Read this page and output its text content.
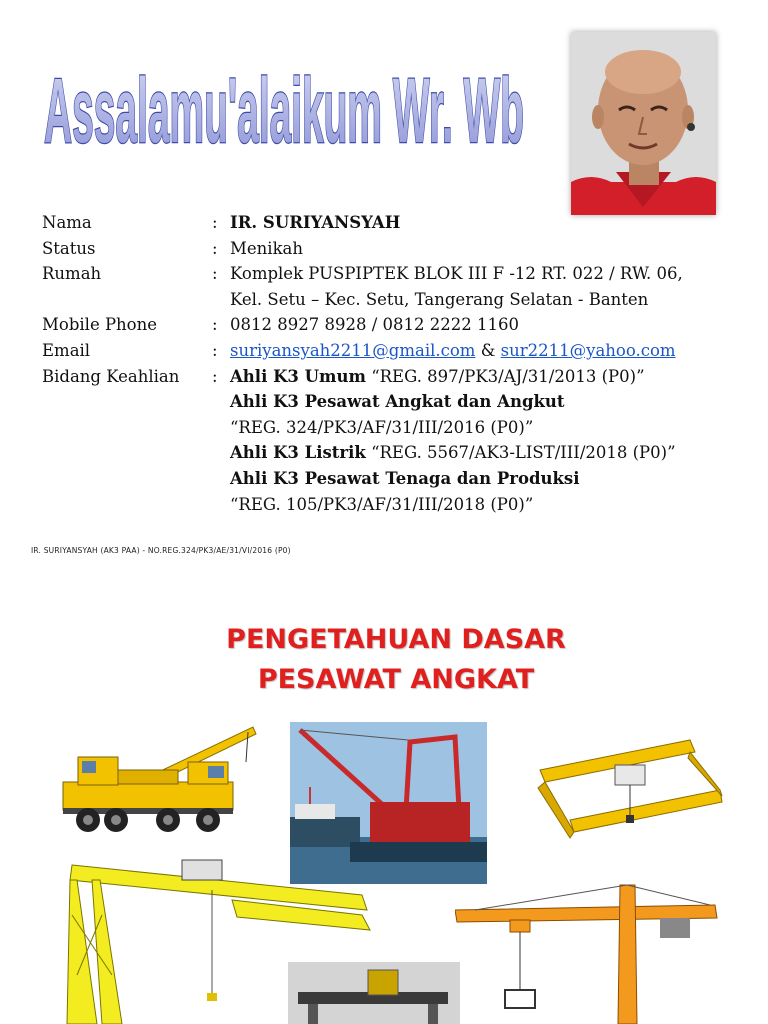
Assalamu'alaikum Wr. Wb
Nama	: IR. SURIYANSYAH
Status	: Menikah
Rumah	: Komplek PUSPIPTEK BLOK III F -12 RT. 022 / RW. 06,
Kel. Setu – Kec. Setu, Tangerang Selatan - Banten
Mobile Phone	: 0812 8927 8928 / 0812 2222 1160
Email	: suriyansyah2211@gmail.com & sur2211@yahoo.com
Bidang Keahlian	: Ahli K3 Umum “REG. 897/PK3/AJ/31/2013 (P0)”
Ahli K3 Pesawat Angkat dan Angkut
“REG. 324/PK3/AF/31/III/2016 (P0)”
Ahli K3 Listrik “REG. 5567/AK3-LIST/III/2018 (P0)”
Ahli K3 Pesawat Tenaga dan Produksi
“REG. 105/PK3/AF/31/III/2018 (P0)”
IR. SURIYANSYAH (AK3 PAA) - NO.REG.324/PK3/AE/31/VI/2016 (P0)
PENGETAHUAN DASAR
PESAWAT ANGKAT
